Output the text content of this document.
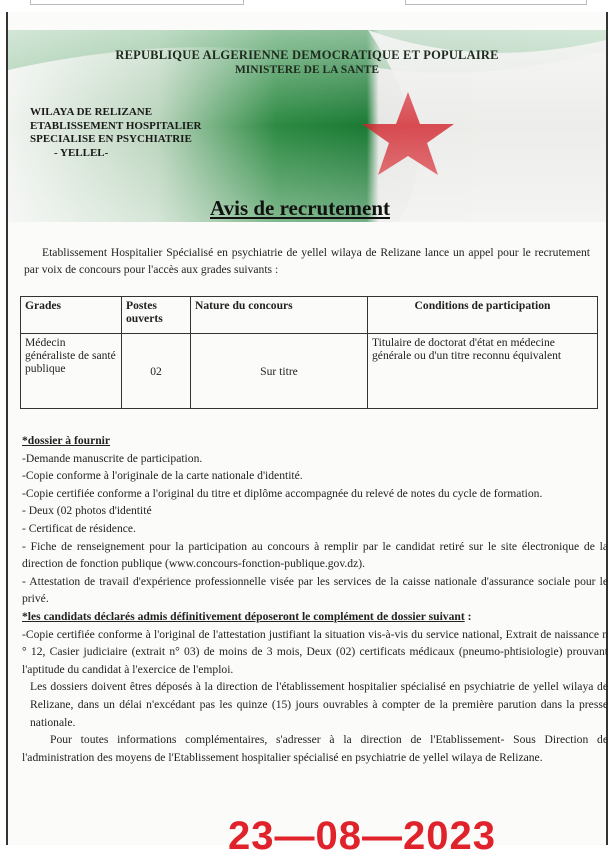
REPUBLIQUE ALGERIENNE DEMOCRATIQUE ET POPULAIRE
MINISTERE DE LA SANTE
WILAYA DE RELIZANE
ETABLISSEMENT HOSPITALIER
SPECIALISE EN PSYCHIATRIE
- YELLEL-
Avis de recrutement
Etablissement Hospitalier Spécialisé en psychiatrie de yellel wilaya de Relizane lance un appel pour le recrutement par voix de concours pour l'accès aux grades suivants :
Grades	Postes ouverts	Nature du concours	Conditions de participation
Médecin généraliste de santé publique	02	Sur titre	Titulaire de doctorat d'état en médecine générale ou d'un titre reconnu équivalent

*dossier à fournir

-Demande manuscrite de participation.

-Copie conforme à l'originale de la carte nationale d'identité.

-Copie certifiée conforme a l'original du titre et diplôme accompagnée du relevé de notes du cycle de formation.

- Deux (02 photos d'identité

- Certificat de résidence.

- Fiche de renseignement pour la participation au concours à remplir par le candidat retiré sur le site électronique de la direction de fonction publique (www.concours-fonction-publique.gov.dz).

- Attestation de travail d'expérience professionnelle visée par les services de la caisse nationale d'assurance sociale pour le privé.

*les candidats déclarés admis définitivement déposeront le complément de dossier suivant :

-Copie certifiée conforme à l'original de l'attestation justifiant la situation vis-à-vis du service national, Extrait de naissance n ° 12, Casier judiciaire (extrait n° 03) de moins de 3 mois, Deux (02) certificats médicaux (pneumo-phtisiologie) prouvant l'aptitude du candidat à l'exercice de l'emploi.

Les dossiers doivent êtres déposés à la direction de l'établissement hospitalier spécialisé en psychiatrie de yellel wilaya de Relizane, dans un délai n'excédant pas les quinze (15) jours ouvrables à compter de la première parution dans la presse nationale.

Pour toutes informations complémentaires, s'adresser à la direction de l'Etablissement- Sous Direction de l'administration des moyens de l'Etablissement hospitalier spécialisé en psychiatrie de yellel wilaya de Relizane.

23—08—2023
